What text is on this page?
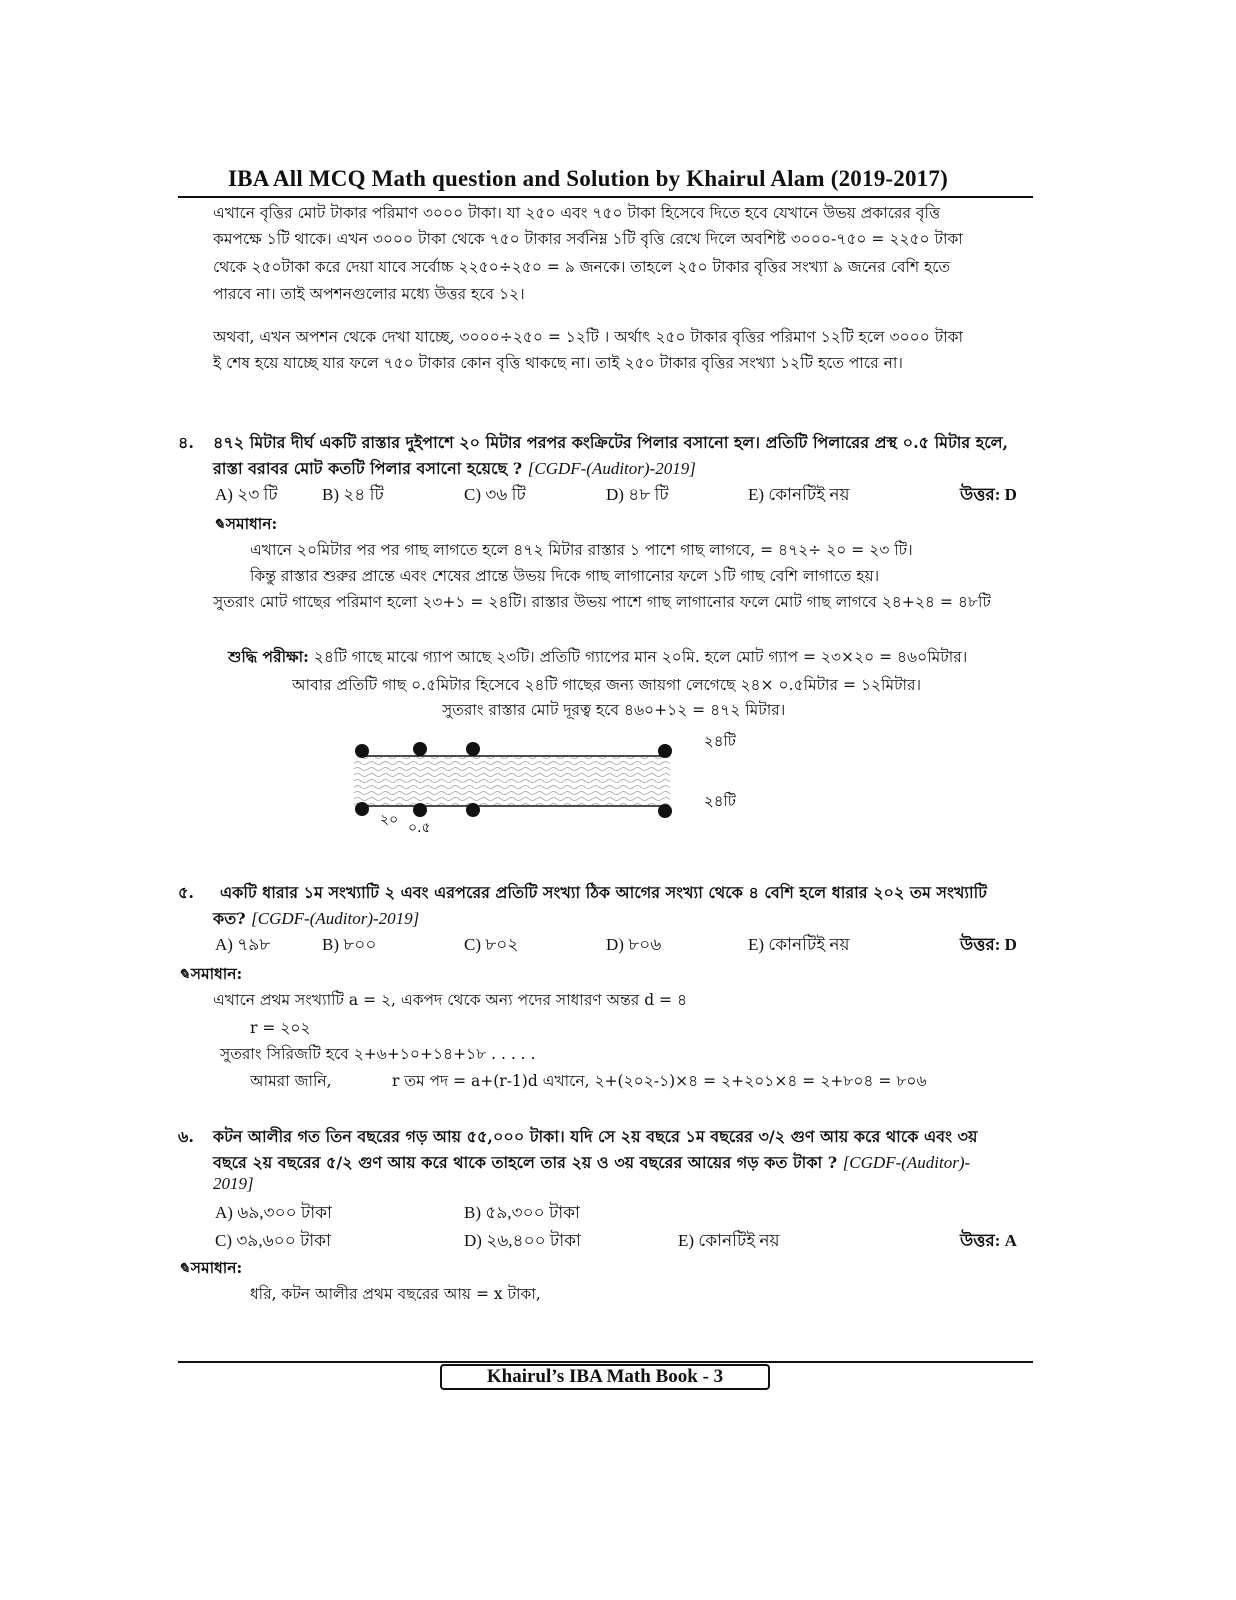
IBA All MCQ Math question and Solution by Khairul Alam (2019-2017)
এখানে বৃত্তির মোট টাকার পরিমাণ ৩০০০ টাকা। যা ২৫০ এবং ৭৫০ টাকা হিসেবে দিতে হবে যেখানে উভয় প্রকারের বৃত্তি
কমপক্ষে ১টি থাকে। এখন ৩০০০ টাকা থেকে ৭৫০ টাকার সর্বনিম্ন ১টি বৃত্তি রেখে দিলে অবশিষ্ট ৩০০০-৭৫০ = ২২৫০ টাকা
থেকে ২৫০টাকা করে দেয়া যাবে সর্বোচ্চ ২২৫০÷২৫০ = ৯ জনকে। তাহলে ২৫০ টাকার বৃত্তির সংখ্যা ৯ জনের বেশি হতে
পারবে না। তাই অপশনগুলোর মধ্যে উত্তর হবে ১২।
অথবা, এখন অপশন থেকে দেখা যাচ্ছে, ৩০০০÷২৫০ = ১২টি । অর্থাৎ ২৫০ টাকার বৃত্তির পরিমাণ ১২টি হলে ৩০০০ টাকা
ই শেষ হয়ে যাচ্ছে যার ফলে ৭৫০ টাকার কোন বৃত্তি থাকছে না। তাই ২৫০ টাকার বৃত্তির সংখ্যা ১২টি হতে পারে না।
৪. ৪৭২ মিটার দীর্ঘ একটি রাস্তার দুইপাশে ২০ মিটার পরপর কংক্রিটের পিলার বসানো হল। প্রতিটি পিলারের প্রস্থ ০.৫ মিটার হলে,
রাস্তা বরাবর মোট কতটি পিলার বসানো হয়েছে ? [CGDF-(Auditor)-2019]
A) ২৩ টি	B) ২৪ টি	C) ৩৬ টি	D) ৪৮ টি	E) কোনটিই নয়	উত্তর: D
✎সমাধান:
এখানে ২০মিটার পর পর গাছ লাগতে হলে ৪৭২ মিটার রাস্তার ১ পাশে গাছ লাগবে, = ৪৭২÷ ২০ = ২৩ টি।
কিন্তু রাস্তার শুরুর প্রান্তে এবং শেষের প্রান্তে উভয় দিকে গাছ লাগানোর ফলে ১টি গাছ বেশি লাগাতে হয়।
সুতরাং মোট গাছের পরিমাণ হলো ২৩+১ = ২৪টি। রাস্তার উভয় পাশে গাছ লাগানোর ফলে মোট গাছ লাগবে ২৪+২৪ = ৪৮টি
শুদ্ধি পরীক্ষা: ২৪টি গাছে মাঝে গ্যাপ আছে ২৩টি। প্রতিটি গ্যাপের মান ২০মি. হলে মোট গ্যাপ = ২৩×২০ = ৪৬০মিটার।
আবার প্রতিটি গাছ ০.৫মিটার হিসেবে ২৪টি গাছের জন্য জায়গা লেগেছে ২৪× ০.৫মিটার = ১২মিটার।
সুতরাং রাস্তার মোট দূরত্ব হবে ৪৬০+১২ = ৪৭২ মিটার।
২৪টি
২৪টি
২০ ০.৫
৫. একটি ধারার ১ম সংখ্যাটি ২ এবং এরপরের প্রতিটি সংখ্যা ঠিক আগের সংখ্যা থেকে ৪ বেশি হলে ধারার ২০২ তম সংখ্যাটি
কত? [CGDF-(Auditor)-2019]
A) ৭৯৮	B) ৮০০	C) ৮০২	D) ৮০৬	E) কোনটিই নয়	উত্তর: D
✎সমাধান:
এখানে প্রথম সংখ্যাটি a = ২, একপদ থেকে অন্য পদের সাধারণ অন্তর d = ৪
r = ২০২
সুতরাং সিরিজটি হবে ২+৬+১০+১৪+১৮ . . . . .
আমরা জানি,	r তম পদ = a+(r-1)d এখানে, ২+(২০২-১)×৪ = ২+২০১×৪ = ২+৮০৪ = ৮০৬
৬. কটন আলীর গত তিন বছরের গড় আয় ৫৫,০০০ টাকা। যদি সে ২য় বছরে ১ম বছরের ৩/২ গুণ আয় করে থাকে এবং ৩য়
বছরে ২য় বছরের ৫/২ গুণ আয় করে থাকে তাহলে তার ২য় ও ৩য় বছরের আয়ের গড় কত টাকা ? [CGDF-(Auditor)-
2019]
A) ৬৯,৩০০ টাকা	B) ৫৯,৩০০ টাকা
C) ৩৯,৬০০ টাকা	D) ২৬,৪০০ টাকা	E) কোনটিই নয়	উত্তর: A
✎সমাধান:
ধরি, কটন আলীর প্রথম বছরের আয় = x টাকা,
Khairul’s IBA Math Book - 3
